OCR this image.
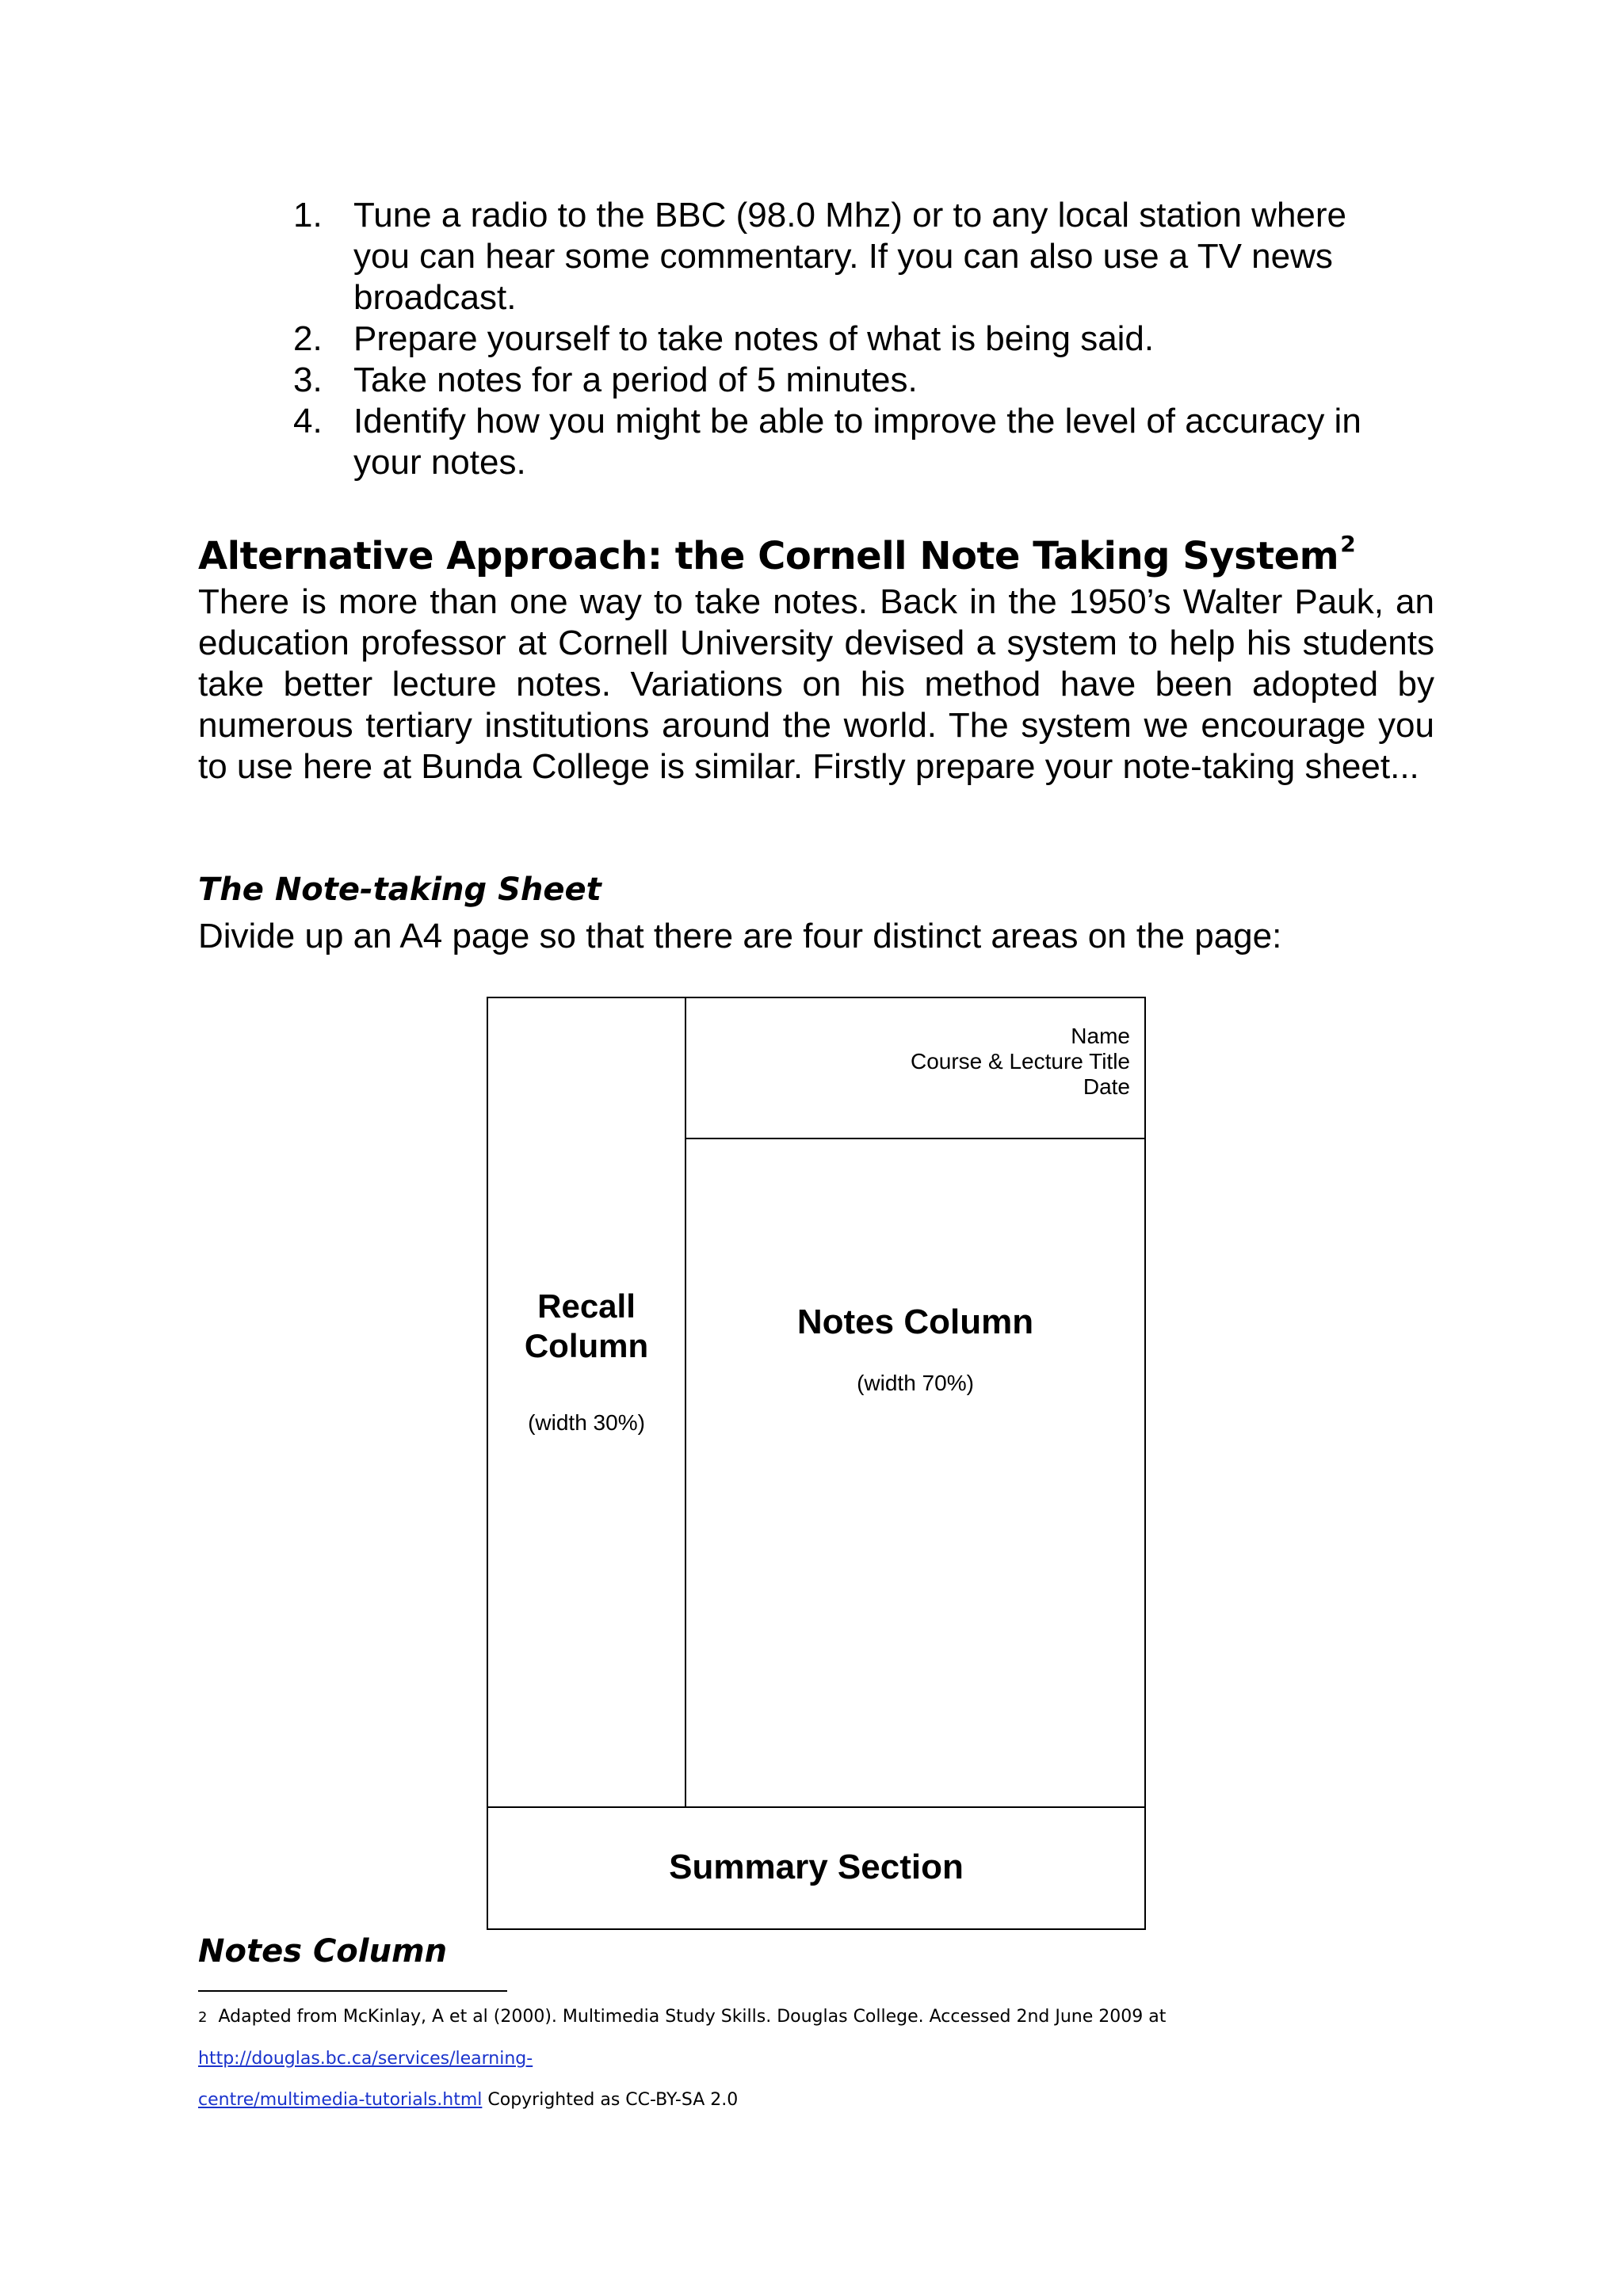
1. Tune a radio to the BBC (98.0 Mhz) or to any local station where you can hear some commentary. If you can also use a TV news broadcast.
2. Prepare yourself to take notes of what is being said.
3. Take notes for a period of 5 minutes.
4. Identify how you might be able to improve the level of accuracy in your notes.
Alternative Approach: the Cornell Note Taking System$^2$
There is more than one way to take notes. Back in the 1950’s Walter Pauk, an education professor at Cornell University devised a system to help his students take better lecture notes. Variations on his method have been adopted by numerous tertiary institutions around the world. The system we encourage you to use here at Bunda College is similar. Firstly prepare your note-taking sheet...
The Note-taking Sheet
Divide up an A4 page so that there are four distinct areas on the page:
Recall
Column
(width 30%)
Name
Course & Lecture Title
Date
Notes Column
(width 70%)
Summary Section
Notes Column
2 Adapted from McKinlay, A et al (2000). Multimedia Study Skills. Douglas College. Accessed 2nd June 2009 at http://douglas.bc.ca/services/learning-
centre/multimedia-tutorials.html Copyrighted as CC-BY-SA 2.0
